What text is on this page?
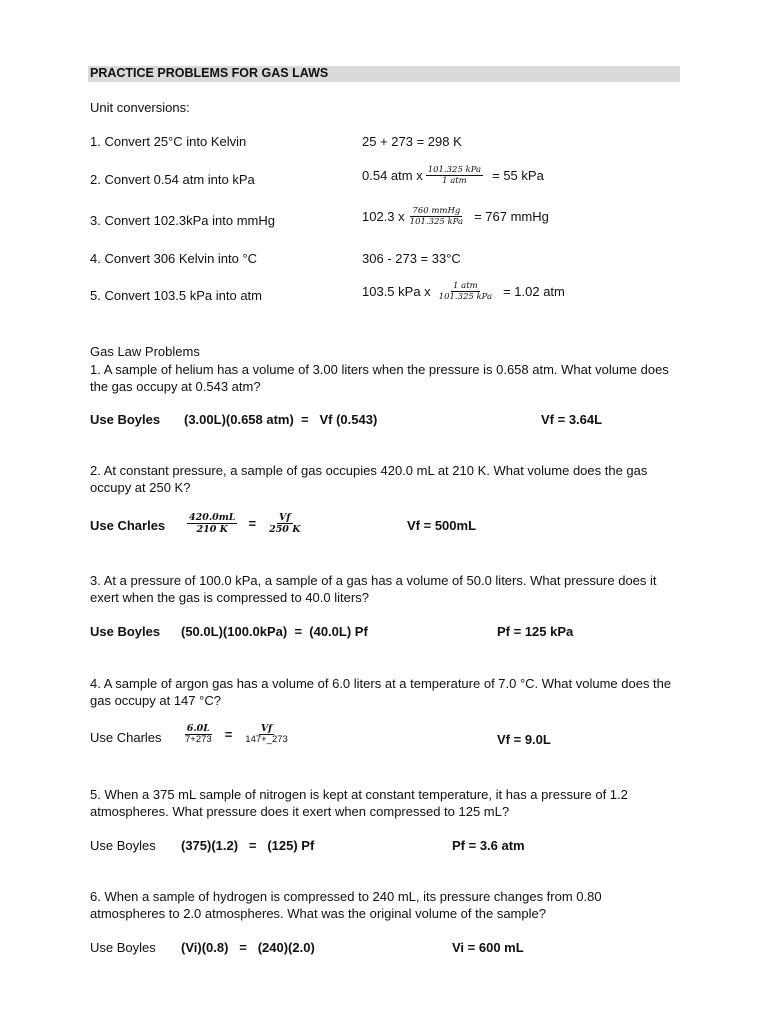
PRACTICE PROBLEMS FOR GAS LAWS
Unit conversions:
1. Convert 25°C into Kelvin	25 + 273 = 298 K
2. Convert 0.54 atm into kPa	0.54 atm x $\frac{\text{101.325 kPa}}{\text{1 atm}} = 55$ kPa
3. Convert 102.3kPa into mmHg	102.3 x $\frac{\text{760 mmHg}}{\text{101.325 kPa}} = 767$ mmHg
4. Convert 306 Kelvin into °C	306 - 273 = 33°C
5. Convert 103.5 kPa into atm	103.5 kPa x $\frac{\text{1 atm}}{\text{101.325 kPa}} = 1.02$ atm
Gas Law Problems
1. A sample of helium has a volume of 3.00 liters when the pressure is 0.658 atm. What volume does the gas occupy at 0.543 atm?
Use Boyles (3.00L)(0.658 atm)  =   Vf (0.543)	Vf = 3.64L
2. At constant pressure, a sample of gas occupies 420.0 mL at 210 K. What volume does the gas occupy at 250 K?
Use Charles $\frac{420.0mL}{210 K} = \frac{Vf}{250 K}$	Vf = 500mL
3. At a pressure of 100.0 kPa, a sample of a gas has a volume of 50.0 liters. What pressure does it exert when the gas is compressed to 40.0 liters?
Use Boyles (50.0L)(100.0kPa)  =  (40.0L) Pf	Pf = 125 kPa
4. A sample of argon gas has a volume of 6.0 liters at a temperature of 7.0 °C. What volume does the gas occupy at 147 °C?
Use Charles $\frac{6.0L}{7+273} = \frac{Vf}{147+\_273}$	Vf = 9.0L
5. When a 375 mL sample of nitrogen is kept at constant temperature, it has a pressure of 1.2 atmospheres. What pressure does it exert when compressed to 125 mL?
Use Boyles (375)(1.2)   =   (125) Pf	Pf = 3.6 atm
6. When a sample of hydrogen is compressed to 240 mL, its pressure changes from 0.80 atmospheres to 2.0 atmospheres. What was the original volume of the sample?
Use Boyles (Vi)(0.8)   =   (240)(2.0)	Vi = 600 mL
